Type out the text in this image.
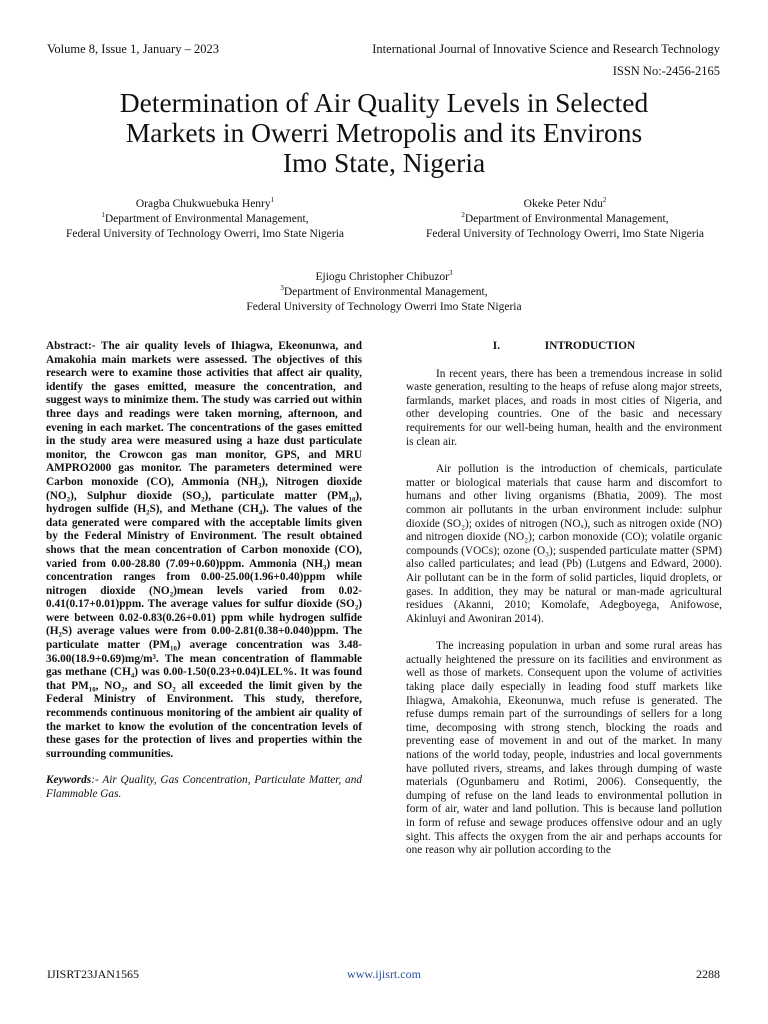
Volume 8, Issue 1, January – 2023	International Journal of Innovative Science and Research Technology
ISSN No:-2456-2165
Determination of Air Quality Levels in Selected
Markets in Owerri Metropolis and its Environs
Imo State, Nigeria
Oragba Chukwuebuka Henry$^1$
$^1$Department of Environmental Management,
Federal University of Technology Owerri, Imo State Nigeria
Okeke Peter Ndu$^2$
$^2$Department of Environmental Management,
Federal University of Technology Owerri, Imo State Nigeria
Ejiogu Christopher Chibuzor$^3$
$^3$Department of Environmental Management,
Federal University of Technology Owerri Imo State Nigeria

Abstract:- The air quality levels of Ihiagwa, Ekeonunwa, and Amakohia main markets were assessed. The objectives of this research were to examine those activities that affect air quality, identify the gases emitted, measure the concentration, and suggest ways to minimize them. The study was carried out within three days and readings were taken morning, afternoon, and evening in each market. The concentrations of the gases emitted in the study area were measured using a haze dust particulate monitor, the Crowcon gas man monitor, GPS, and MRU AMPRO2000 gas monitor. The parameters determined were Carbon monoxide (CO), Ammonia (NH₃), Nitrogen dioxide (NO₂), Sulphur dioxide (SO₂), particulate matter (PM₁₀), hydrogen sulfide (H₂S), and Methane (CH₄). The values of the data generated were compared with the acceptable limits given by the Federal Ministry of Environment. The result obtained shows that the mean concentration of Carbon monoxide (CO), varied from 0.00-28.80 (7.09+0.60)ppm. Ammonia (NH₃) mean concentration ranges from 0.00-25.00(1.96+0.40)ppm while nitrogen dioxide (NO₂)mean levels varied from 0.02-0.41(0.17+0.01)ppm. The average values for sulfur dioxide (SO₂) were between 0.02-0.83(0.26+0.01) ppm while hydrogen sulfide (H₂S) average values were from 0.00-2.81(0.38+0.040)ppm. The particulate matter (PM₁₀) average concentration was 3.48-36.00(18.9+0.69)mg/m³. The mean concentration of flammable gas methane (CH₄) was 0.00-1.50(0.23+0.04)LEL%. It was found that PM₁₀, NO₂, and SO₂ all exceeded the limit given by the Federal Ministry of Environment. This study, therefore, recommends continuous monitoring of the ambient air quality of the market to know the evolution of the concentration levels of these gases for the protection of lives and properties within the surrounding communities.

Keywords:- Air Quality, Gas Concentration, Particulate Matter, and Flammable Gas.

I.	INTRODUCTION

In recent years, there has been a tremendous increase in solid waste generation, resulting to the heaps of refuse along major streets, farmlands, market places, and roads in most cities of Nigeria, and other developing countries. One of the basic and necessary requirements for our well-being human, health and the environment is clean air.

Air pollution is the introduction of chemicals, particulate matter or biological materials that cause harm and discomfort to humans and other living organisms (Bhatia, 2009). The most common air pollutants in the urban environment include: sulphur dioxide (SO₂); oxides of nitrogen (NOₓ), such as nitrogen oxide (NO) and nitrogen dioxide (NO₂); carbon monoxide (CO); volatile organic compounds (VOCs); ozone (O₃); suspended particulate matter (SPM) also called particulates; and lead (Pb) (Lutgens and Edward, 2000). Air pollutant can be in the form of solid particles, liquid droplets, or gases. In addition, they may be natural or man-made agricultural residues (Akanni, 2010; Komolafe, Adegboyega, Anifowose, Akinluyi and Awoniran 2014).

The increasing population in urban and some rural areas has actually heightened the pressure on its facilities and environment as well as those of markets. Consequent upon the volume of activities taking place daily especially in leading food stuff markets like Ihiagwa, Amakohia, Ekeonunwa, much refuse is generated. The refuse dumps remain part of the surroundings of sellers for a long time, decomposing with strong stench, blocking the roads and preventing ease of movement in and out of the market. In many nations of the world today, people, industries and local governments have polluted rivers, streams, and lakes through dumping of waste materials (Ogunbameru and Rotimi, 2006). Consequently, the dumping of refuse on the land leads to environmental pollution in form of air, water and land pollution. This is because land pollution in form of refuse and sewage produces offensive odour and an ugly sight. This affects the oxygen from the air and perhaps accounts for one reason why air pollution according to the

IJISRT23JAN1565	www.ijisrt.com	2288
